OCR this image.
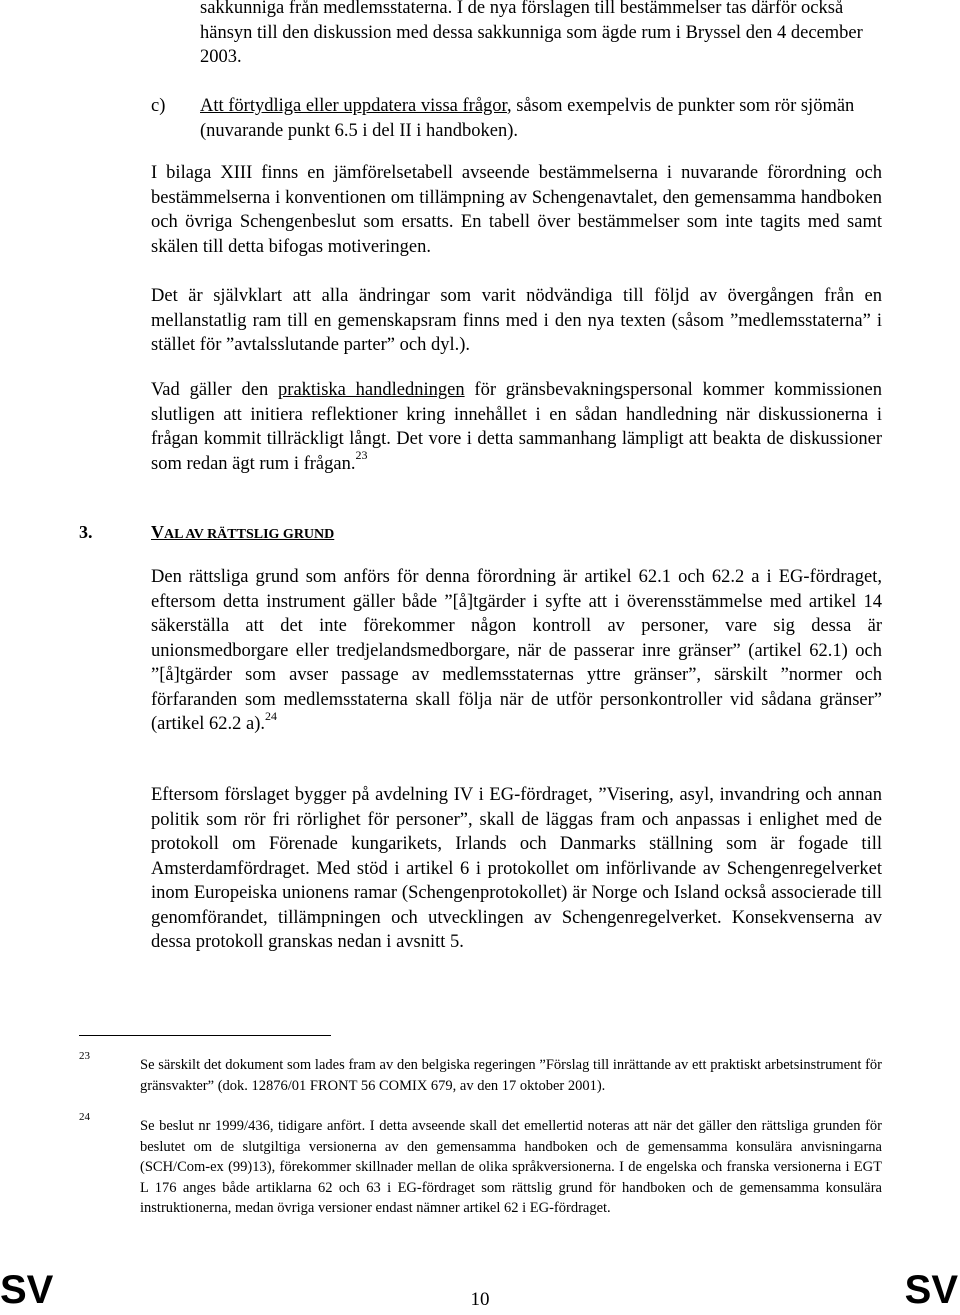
sakkunniga från medlemsstaterna. I de nya förslagen till bestämmelser tas därför också hänsyn till den diskussion med dessa sakkunniga som ägde rum i Bryssel den 4 december 2003.

c) Att förtydliga eller uppdatera vissa frågor, såsom exempelvis de punkter som rör sjömän (nuvarande punkt 6.5 i del II i handboken).

I bilaga XIII finns en jämförelsetabell avseende bestämmelserna i nuvarande förordning och bestämmelserna i konventionen om tillämpning av Schengenavtalet, den gemensamma handboken och övriga Schengenbeslut som ersatts. En tabell över bestämmelser som inte tagits med samt skälen till detta bifogas motiveringen.

Det är självklart att alla ändringar som varit nödvändiga till följd av övergången från en mellanstatlig ram till en gemenskapsram finns med i den nya texten (såsom ”medlemsstaterna” i stället för ”avtalsslutande parter” och dyl.).

Vad gäller den praktiska handledningen för gränsbevakningspersonal kommer kommissionen slutligen att initiera reflektioner kring innehållet i en sådan handledning när diskussionerna i frågan kommit tillräckligt långt. Det vore i detta sammanhang lämpligt att beakta de diskussioner som redan ägt rum i frågan.$^{23}$

3.	VAL AV RÄTTSLIG GRUND

Den rättsliga grund som anförs för denna förordning är artikel 62.1 och 62.2 a i EG-fördraget, eftersom detta instrument gäller både ”[å]tgärder i syfte att i överensstämmelse med artikel 14 säkerställa att det inte förekommer någon kontroll av personer, vare sig dessa är unionsmedborgare eller tredjelandsmedborgare, när de passerar inre gränser” (artikel 62.1) och ”[å]tgärder som avser passage av medlemsstaternas yttre gränser”, särskilt ”normer och förfaranden som medlemsstaterna skall följa när de utför personkontroller vid sådana gränser” (artikel 62.2 a).$^{24}$

Eftersom förslaget bygger på avdelning IV i EG-fördraget, ”Visering, asyl, invandring och annan politik som rör fri rörlighet för personer”, skall de läggas fram och anpassas i enlighet med de protokoll om Förenade kungarikets, Irlands och Danmarks ställning som är fogade till Amsterdamfördraget. Med stöd i artikel 6 i protokollet om införlivande av Schengenregelverket inom Europeiska unionens ramar (Schengenprotokollet) är Norge och Island också associerade till genomförandet, tillämpningen och utvecklingen av Schengenregelverket. Konsekvenserna av dessa protokoll granskas nedan i avsnitt 5.

23
Se särskilt det dokument som lades fram av den belgiska regeringen ”Förslag till inrättande av ett praktiskt arbetsinstrument för gränsvakter” (dok. 12876/01 FRONT 56 COMIX 679, av den 17 oktober 2001).
24
Se beslut nr 1999/436, tidigare anfört. I detta avseende skall det emellertid noteras att när det gäller den rättsliga grunden för beslutet om de slutgiltiga versionerna av den gemensamma handboken och de gemensamma konsulära anvisningarna (SCH/Com-ex (99)13), förekommer skillnader mellan de olika språkversionerna. I de engelska och franska versionerna i EGT L 176 anges både artiklarna 62 och 63 i EG-fördraget som rättslig grund för handboken och de gemensamma konsulära instruktionerna, medan övriga versioner endast nämner artikel 62 i EG-fördraget.
SV	10	SV
